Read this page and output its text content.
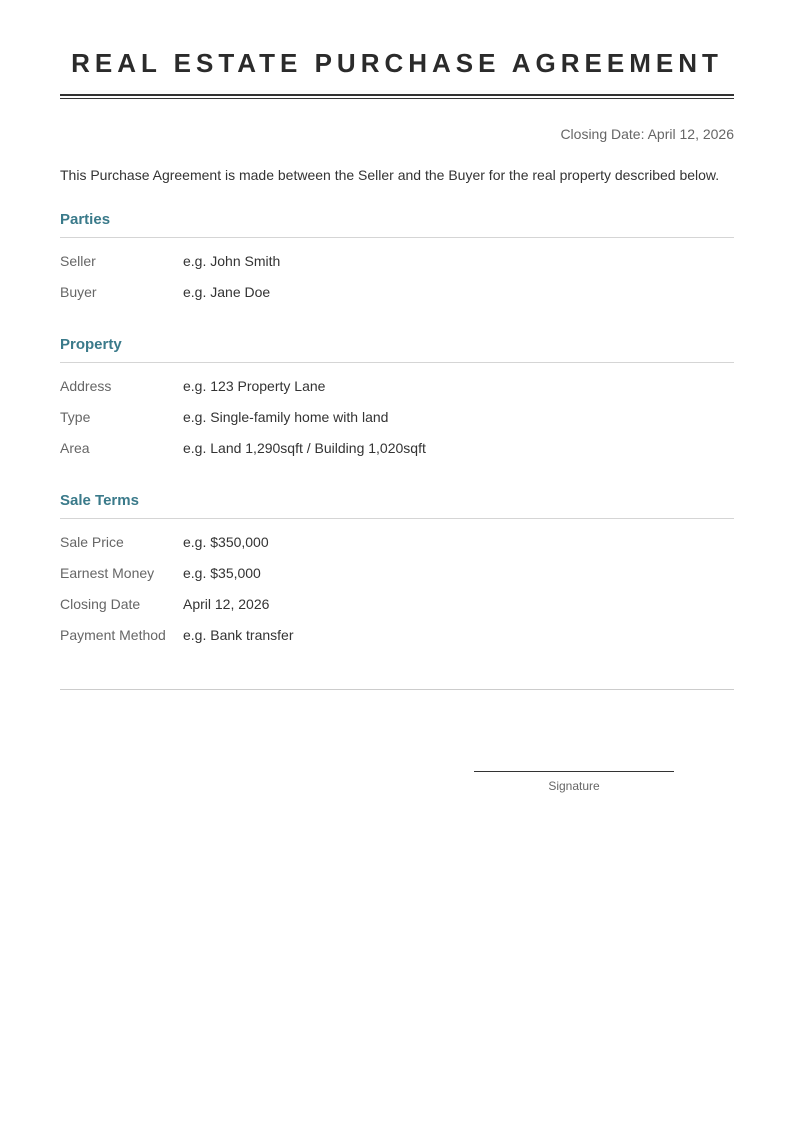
REAL ESTATE PURCHASE AGREEMENT
Closing Date: April 12, 2026
This Purchase Agreement is made between the Seller and the Buyer for the real property described below.
Parties
Seller	e.g. John Smith
Buyer	e.g. Jane Doe
Property
Address	e.g. 123 Property Lane
Type	e.g. Single-family home with land
Area	e.g. Land 1,290sqft / Building 1,020sqft
Sale Terms
Sale Price	e.g. $350,000
Earnest Money	e.g. $35,000
Closing Date	April 12, 2026
Payment Method	e.g. Bank transfer
Signature
